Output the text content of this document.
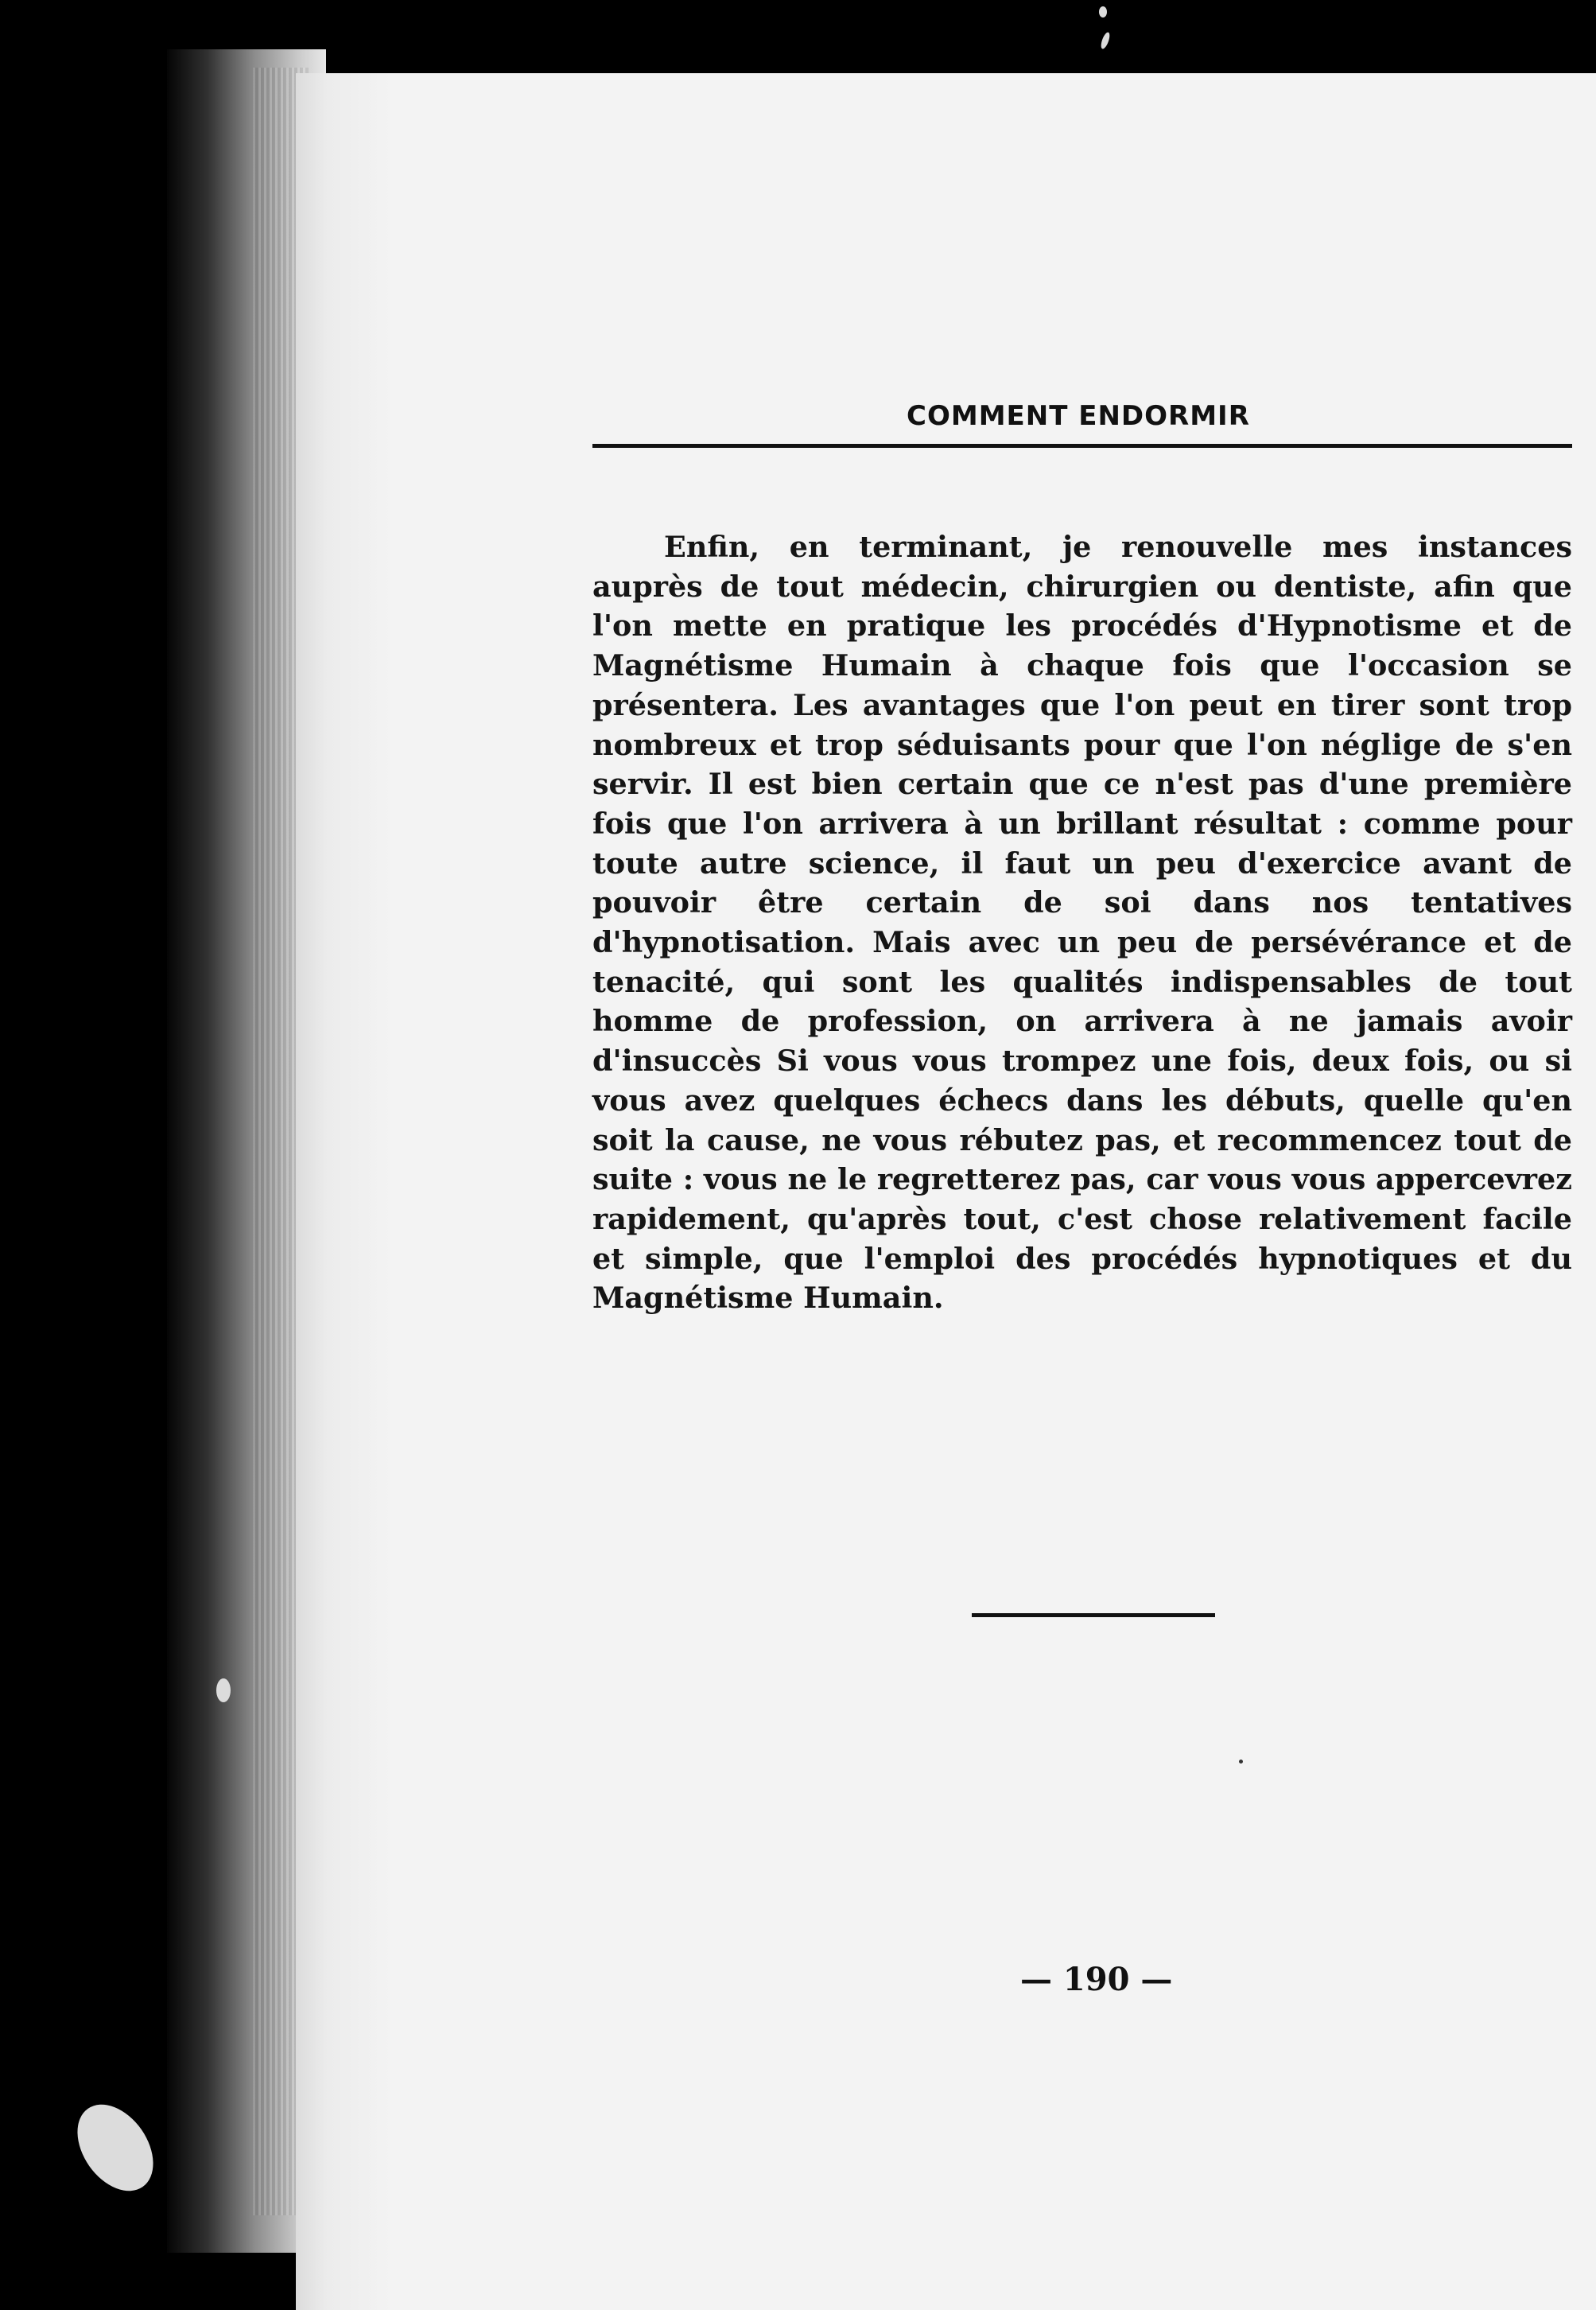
COMMENT ENDORMIR

Enfin, en terminant, je renouvelle mes instances auprès de tout médecin, chirurgien ou dentiste, afin que l'on mette en pratique les procédés d'Hypnotisme et de Magnétisme Humain à chaque fois que l'occasion se présentera. Les avantages que l'on peut en tirer sont trop nombreux et trop séduisants pour que l'on néglige de s'en servir. Il est bien certain que ce n'est pas d'une première fois que l'on arrivera à un brillant résultat : comme pour toute autre science, il faut un peu d'exercice avant de pouvoir être certain de soi dans nos tentatives d'hypnotisation. Mais avec un peu de persévérance et de tenacité, qui sont les qualités indispensables de tout homme de profession, on arrivera à ne jamais avoir d'insuccès Si vous vous trompez une fois, deux fois, ou si vous avez quelques échecs dans les débuts, quelle qu'en soit la cause, ne vous rébutez pas, et recommencez tout de suite : vous ne le regretterez pas, car vous vous appercevrez rapidement, qu'après tout, c'est chose relativement facile et simple, que l'emploi des procédés hypnotiques et du Magnétisme Humain.

— 190 —
